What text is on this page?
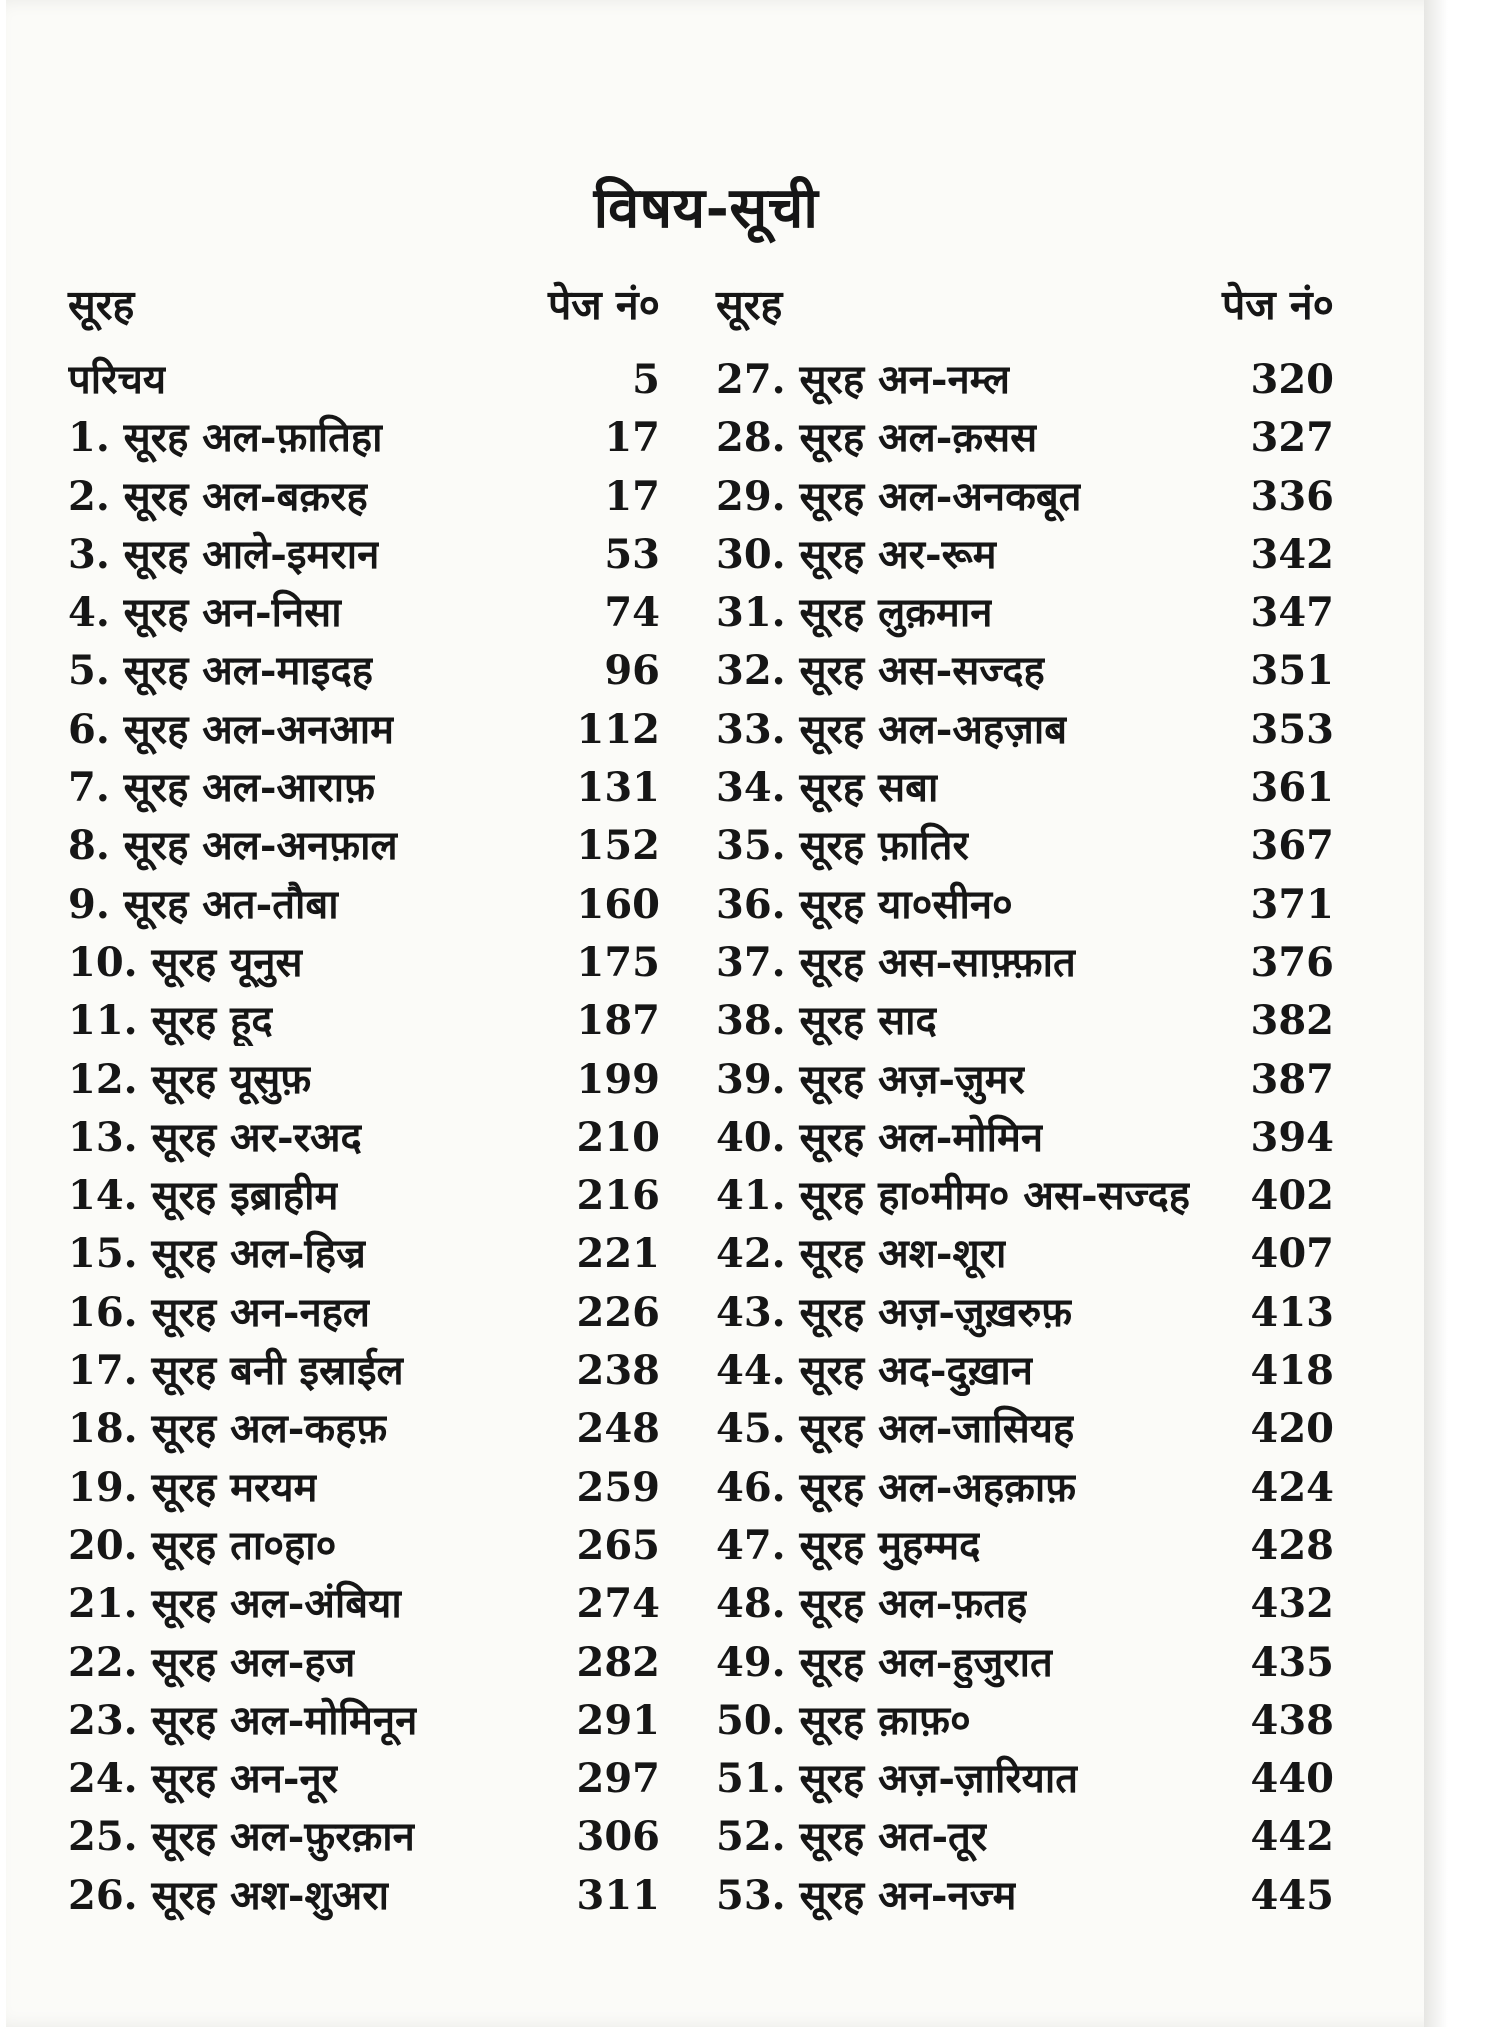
विषय-सूची
सूरह	पेज नं०
परिचय	5
1. सूरह अल-फ़ातिहा	17
2. सूरह अल-बक़रह	17
3. सूरह आले-इमरान	53
4. सूरह अन-निसा	74
5. सूरह अल-माइदह	96
6. सूरह अल-अनआम	112
7. सूरह अल-आराफ़	131
8. सूरह अल-अनफ़ाल	152
9. सूरह अत-तौबा	160
10. सूरह यूनुस	175
11. सूरह हूद	187
12. सूरह यूसुफ़	199
13. सूरह अर-रअद	210
14. सूरह इब्राहीम	216
15. सूरह अल-हिज्र	221
16. सूरह अन-नहल	226
17. सूरह बनी इस्राईल	238
18. सूरह अल-कहफ़	248
19. सूरह मरयम	259
20. सूरह ता०हा०	265
21. सूरह अल-अंबिया	274
22. सूरह अल-हज	282
23. सूरह अल-मोमिनून	291
24. सूरह अन-नूर	297
25. सूरह अल-फ़ुरक़ान	306
26. सूरह अश-शुअरा	311
सूरह	पेज नं०
27. सूरह अन-नम्ल	320
28. सूरह अल-क़सस	327
29. सूरह अल-अनकबूत	336
30. सूरह अर-रूम	342
31. सूरह लुक़मान	347
32. सूरह अस-सज्दह	351
33. सूरह अल-अहज़ाब	353
34. सूरह सबा	361
35. सूरह फ़ातिर	367
36. सूरह या०सीन०	371
37. सूरह अस-साफ़्फ़ात	376
38. सूरह साद	382
39. सूरह अज़-ज़ुमर	387
40. सूरह अल-मोमिन	394
41. सूरह हा०मीम० अस-सज्दह	402
42. सूरह अश-शूरा	407
43. सूरह अज़-ज़ुख़रुफ़	413
44. सूरह अद-दुख़ान	418
45. सूरह अल-जासियह	420
46. सूरह अल-अहक़ाफ़	424
47. सूरह मुहम्मद	428
48. सूरह अल-फ़तह	432
49. सूरह अल-हुजुरात	435
50. सूरह क़ाफ़०	438
51. सूरह अज़-ज़ारियात	440
52. सूरह अत-तूर	442
53. सूरह अन-नज्म	445
